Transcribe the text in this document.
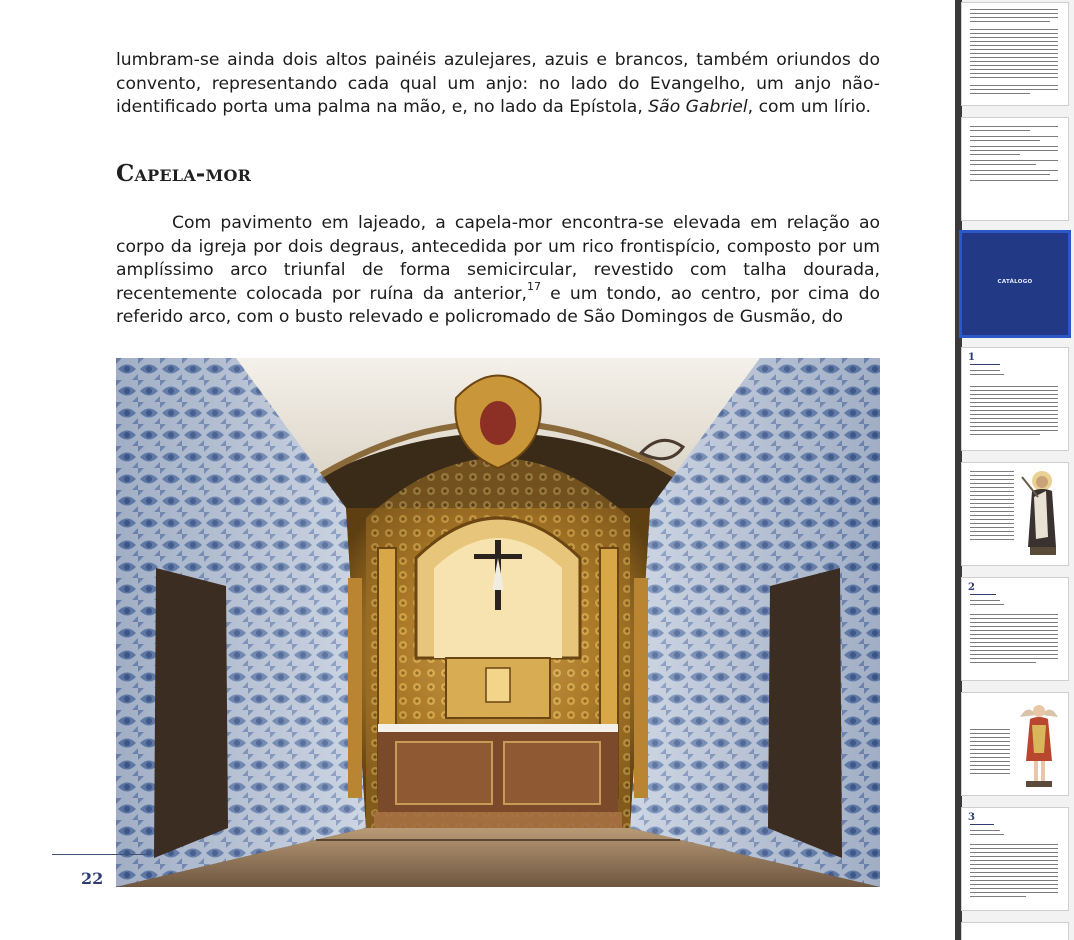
lumbram-se ainda dois altos painéis azulejares, azuis e brancos, também oriundos do convento, representando cada qual um anjo: no lado do Evangelho, um anjo não-identificado porta uma palma na mão, e, no lado da Epístola, São Gabriel, com um lírio.

Capela-mor

Com pavimento em lajeado, a capela-mor encontra-se elevada em relação ao corpo da igreja por dois degraus, antecedida por um rico frontispício, composto por um amplíssimo arco triunfal de forma semicircular, revestido com talha dourada, recentemente colocada por ruína da anterior,$^{17}$ e um tondo, ao centro, por cima do referido arco, com o busto relevado e policromado de São Domingos de Gusmão, do

22
CATÁLOGO
1
2
3
